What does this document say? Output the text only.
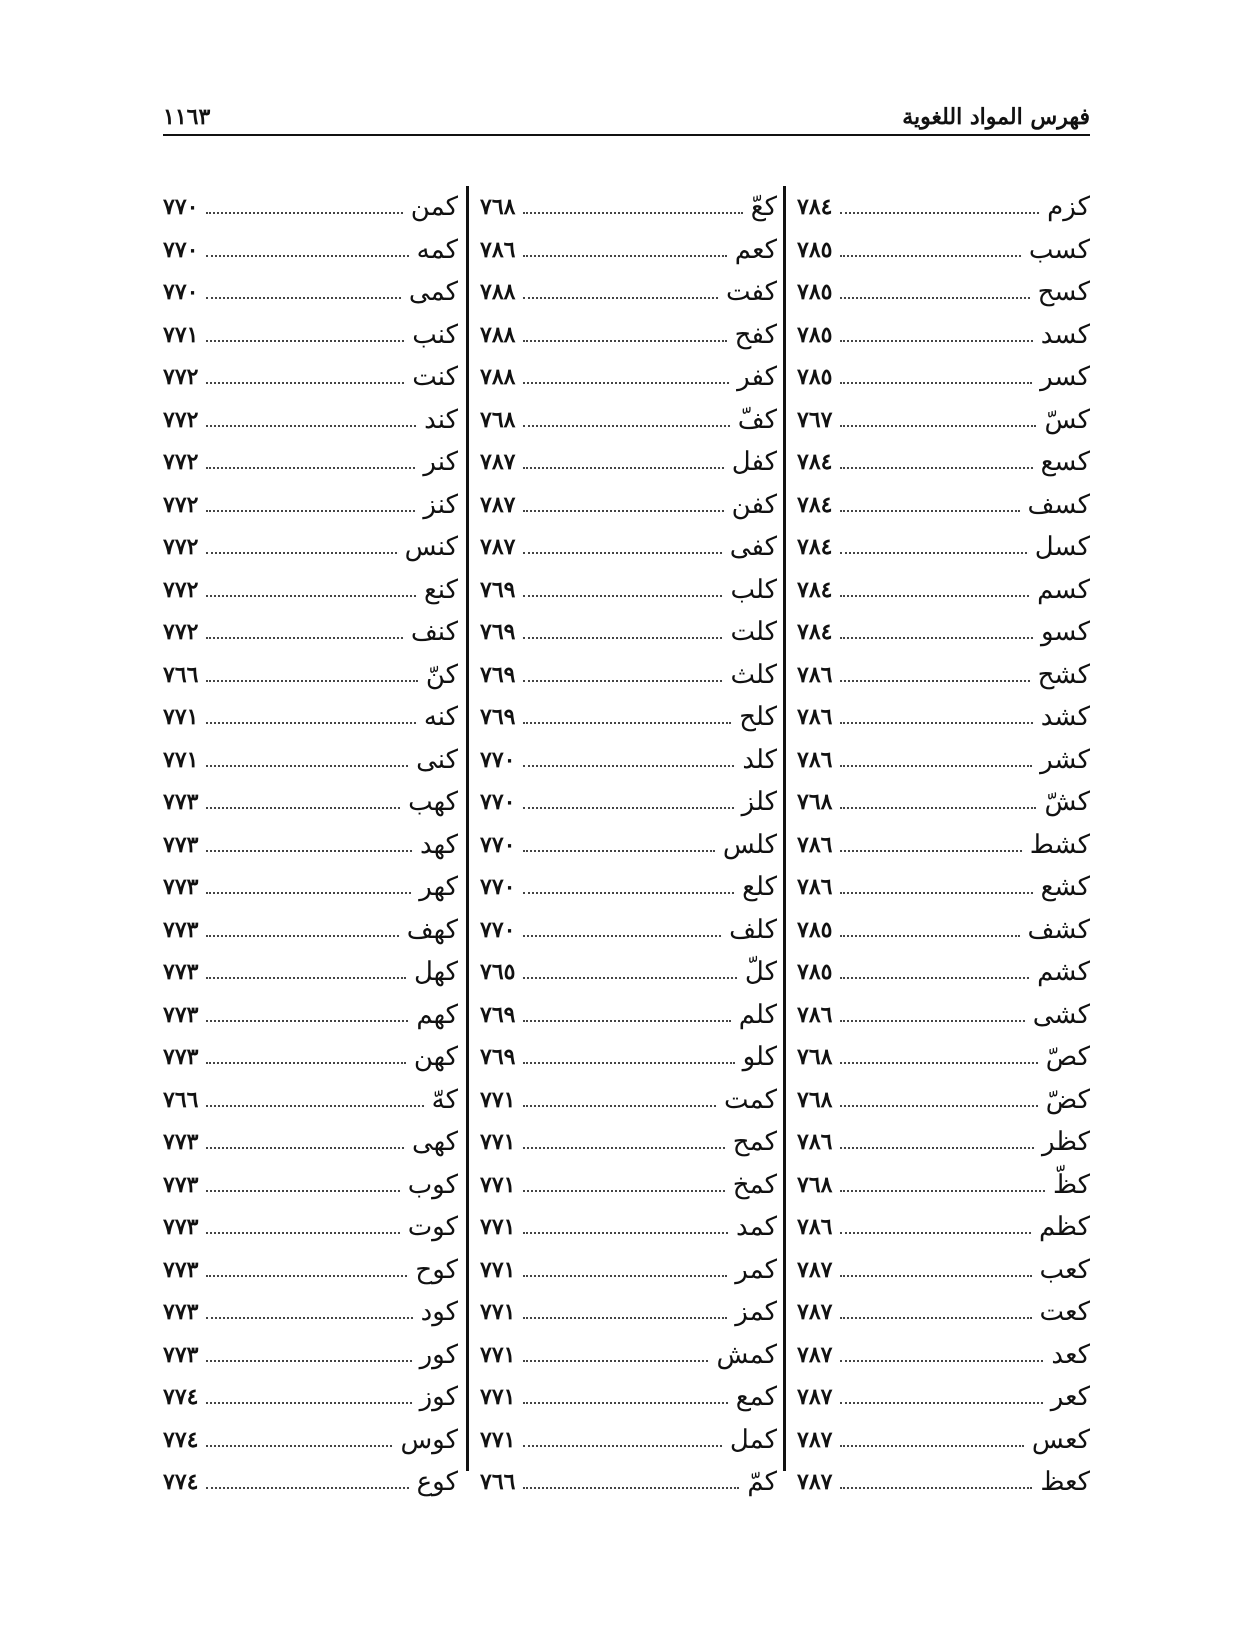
فهرس المواد اللغوية
١١٦٣
كزم
٧٨٤
كسب
٧٨٥
كسح
٧٨٥
كسد
٧٨٥
كسر
٧٨٥
كسّ
٧٦٧
كسع
٧٨٤
كسف
٧٨٤
كسل
٧٨٤
كسم
٧٨٤
كسو
٧٨٤
كشح
٧٨٦
كشد
٧٨٦
كشر
٧٨٦
كشّ
٧٦٨
كشط
٧٨٦
كشع
٧٨٦
كشف
٧٨٥
كشم
٧٨٥
كشى
٧٨٦
كصّ
٧٦٨
كضّ
٧٦٨
كظر
٧٨٦
كظّ
٧٦٨
كظم
٧٨٦
كعب
٧٨٧
كعت
٧٨٧
كعد
٧٨٧
كعر
٧٨٧
كعس
٧٨٧
كعظ
٧٨٧
كعّ
٧٦٨
كعم
٧٨٦
كفت
٧٨٨
كفح
٧٨٨
كفر
٧٨٨
كفّ
٧٦٨
كفل
٧٨٧
كفن
٧٨٧
كفى
٧٨٧
كلب
٧٦٩
كلت
٧٦٩
كلث
٧٦٩
كلح
٧٦٩
كلد
٧٧٠
كلز
٧٧٠
كلس
٧٧٠
كلع
٧٧٠
كلف
٧٧٠
كلّ
٧٦٥
كلم
٧٦٩
كلو
٧٦٩
كمت
٧٧١
كمح
٧٧١
كمخ
٧٧١
كمد
٧٧١
كمر
٧٧١
كمز
٧٧١
كمش
٧٧١
كمع
٧٧١
كمل
٧٧١
كمّ
٧٦٦
كمن
٧٧٠
كمه
٧٧٠
كمى
٧٧٠
كنب
٧٧١
كنت
٧٧٢
كند
٧٧٢
كنر
٧٧٢
كنز
٧٧٢
كنس
٧٧٢
كنع
٧٧٢
كنف
٧٧٢
كنّ
٧٦٦
كنه
٧٧١
كنى
٧٧١
كهب
٧٧٣
كهد
٧٧٣
كهر
٧٧٣
كهف
٧٧٣
كهل
٧٧٣
كهم
٧٧٣
كهن
٧٧٣
كهّ
٧٦٦
كهى
٧٧٣
كوب
٧٧٣
كوت
٧٧٣
كوح
٧٧٣
كود
٧٧٣
كور
٧٧٣
كوز
٧٧٤
كوس
٧٧٤
كوع
٧٧٤
